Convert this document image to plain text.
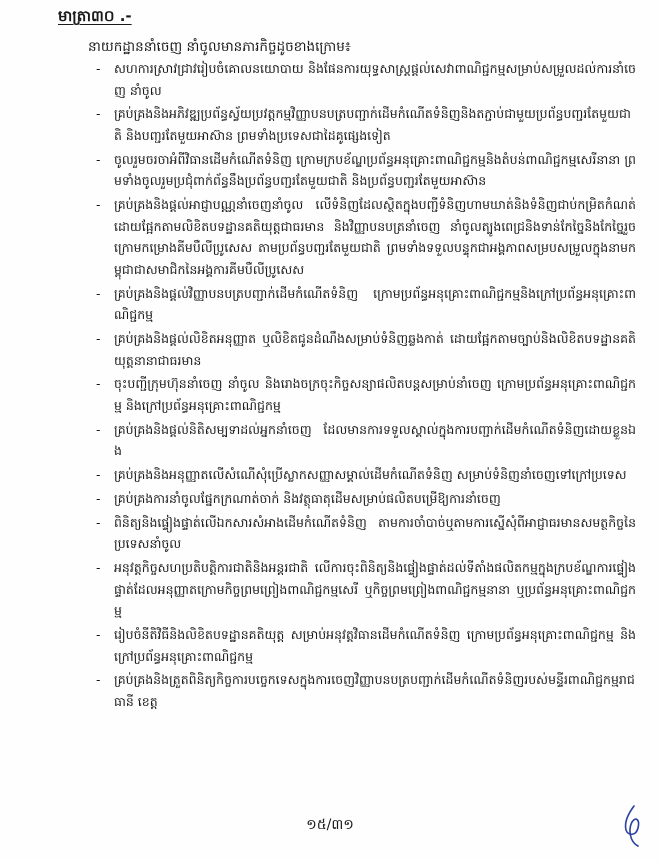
មាត្រា៣០ .-
នាយកដ្ឋាននាំចេញ នាំចូលមានភារកិច្ចដូចខាងក្រោម៖
-	សហការស្រាវជ្រាវរៀបចំគោលនយោបាយ និងផែនការយុទ្ធសាស្ត្រផ្ដល់សេវាពាណិជ្ជកម្មសម្រាប់សម្រួលដល់ការនាំចេញ នាំចូល
-	គ្រប់គ្រងនិងអភិវឌ្ឍប្រព័ន្ធស្វ័យប្រវត្តកម្មវិញ្ញាបនបត្របញ្ជាក់ដើមកំណើតទំនិញនិងតភ្ជាប់ជាមួយប្រព័ន្ធបញ្ជរតែមួយជាតិ និងបញ្ជរតែមួយអាស៊ាន ព្រមទាំងប្រទេសជាដៃគូផ្សេងទៀត
-	ចូលរួមចរចាអំពីវិធានដើមកំណើតទំនិញ ក្រោមក្របខ័ណ្ឌប្រព័ន្ធអនុគ្រោះពាណិជ្ជកម្មនិងតំបន់ពាណិជ្ជកម្មសេរីនានា ព្រមទាំងចូលរួមប្រជុំពាក់ព័ន្ធនឹងប្រព័ន្ធបញ្ជរតែមួយជាតិ និងប្រព័ន្ធបញ្ជរតែមួយអាស៊ាន
-	គ្រប់គ្រងនិងផ្ដល់អាជ្ញាបណ្ណនាំចេញនាំចូល លើទំនិញដែលស្ថិតក្នុងបញ្ជីទំនិញហាមឃាត់និងទំនិញជាប់កម្រិតកំណត់ ដោយផ្អែកតាមលិខិតបទដ្ឋានគតិយុត្តជាធរមាន និងវិញ្ញាបនបត្រនាំចេញ នាំចូលត្បូងពេជ្រនិងទាន់កែច្នៃនិងកែច្នៃរួច ក្រោមកម្រោងគីមបឺលីប្រូសេស តាមប្រព័ន្ធបញ្ជរតែមួយជាតិ ព្រមទាំងទទួលបន្ទុកជាអង្គភាពសម្របសម្រួលក្នុងនាមកម្ពុជាជាសមាជិកនៃអង្គការគីមបឺលីប្រូសេស
-	គ្រប់គ្រងនិងផ្ដល់វិញ្ញាបនបត្របញ្ជាក់ដើមកំណើតទំនិញ ក្រោមប្រព័ន្ធអនុគ្រោះពាណិជ្ជកម្មនិងក្រៅប្រព័ន្ធអនុគ្រោះពាណិជ្ជកម្ម
-	គ្រប់គ្រងនិងផ្ដល់លិខិតអនុញ្ញាត ឬលិខិតជូនដំណឹងសម្រាប់ទំនិញឆ្លងកាត់ ដោយផ្អែកតាមច្បាប់និងលិខិតបទដ្ឋានគតិយុត្តនានាជាធរមាន
-	ចុះបញ្ជីក្រុមហ៊ុននាំចេញ នាំចូល និងរោងចក្រចុះកិច្ចសន្យាផលិតបន្តសម្រាប់នាំចេញ ក្រោមប្រព័ន្ធអនុគ្រោះពាណិជ្ជកម្ម និងក្រៅប្រព័ន្ធអនុគ្រោះពាណិជ្ជកម្ម
-	គ្រប់គ្រងនិងផ្ដល់និតិសម្បទាដល់អ្នកនាំចេញ ដែលមានការទទួលស្គាល់ក្នុងការបញ្ជាក់ដើមកំណើតទំនិញដោយខ្លួនឯង
-	គ្រប់គ្រងនិងអនុញ្ញាតលើសំណើសុំប្រើស្លាកសញ្ញាសម្គាល់ដើមកំណើតទំនិញ សម្រាប់ទំនិញនាំចេញទៅក្រៅប្រទេស
-	គ្រប់គ្រងការនាំចូលផ្នែកក្រណាត់ចាក់ និងវត្ថុធាតុដើមសម្រាប់ផលិតបម្រើឱ្យការនាំចេញ
-	ពិនិត្យនិងផ្ទៀងផ្ទាត់លើឯកសារសំអាងដើមកំណើតទំនិញ តាមការចាំបាច់ឬតាមការស្នើសុំពីអាជ្ញាធរមានសមត្ថកិច្ចនៃប្រទេសនាំចូល
-	អនុវត្តកិច្ចសហប្រតិបត្តិការជាតិនិងអន្តរជាតិ លើការចុះពិនិត្យនិងផ្ទៀងផ្ទាត់ដល់ទីតាំងផលិតកម្មក្នុងក្របខ័ណ្ឌការផ្ទៀងផ្ទាត់ដែលអនុញ្ញាតក្រោមកិច្ចព្រមព្រៀងពាណិជ្ជកម្មសេរី ឬកិច្ចព្រមព្រៀងពាណិជ្ជកម្មនានា ឬប្រព័ន្ធអនុគ្រោះពាណិជ្ជកម្ម
-	រៀបចំនីតិវិធីនិងលិខិតបទដ្ឋានគតិយុត្ត សម្រាប់អនុវត្តវិធានដើមកំណើតទំនិញ ក្រោមប្រព័ន្ធអនុគ្រោះពាណិជ្ជកម្ម និងក្រៅប្រព័ន្ធអនុគ្រោះពាណិជ្ជកម្ម
-	គ្រប់គ្រងនិងត្រួតពិនិត្យកិច្ចការបច្ចេកទេសក្នុងការចេញវិញ្ញាបនបត្របញ្ជាក់ដើមកំណើតទំនិញរបស់មន្ទីរពាណិជ្ជកម្មរាជធានី ខេត្ត
១៥/៣១
